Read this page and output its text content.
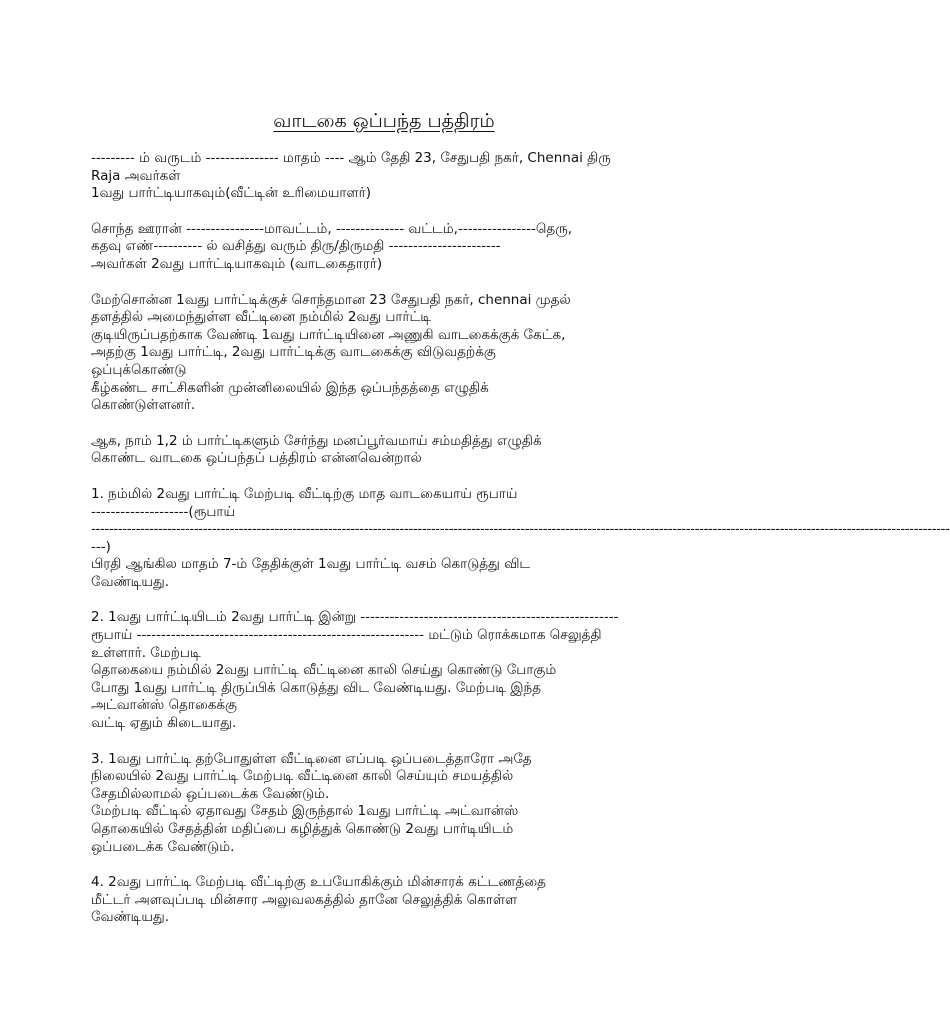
வாடகை ஒப்பந்த பத்திரம்
--------- ம் வருடம் --------------- மாதம் ---- ஆம் தேதி 23, சேதுபதி நகர், Chennai திரு
Raja அவர்கள்
1வது பார்ட்டியாகவும்(வீட்டின் உரிமையாளர்)
சொந்த ஊரான் ----------------மாவட்டம், -------------- வட்டம்,----------------தெரு,
கதவு எண்---------- ல் வசித்து வரும் திரு/திருமதி -----------------------
அவர்கள் 2வது பார்ட்டியாகவும் (வாடகைதாரர்)
மேற்சொன்ன 1வது பார்ட்டிக்குச் சொந்தமான 23 சேதுபதி நகர், chennai முதல்
தளத்தில் அமைந்துள்ள வீட்டினை நம்மில் 2வது பார்ட்டி
குடியிருப்பதற்காக வேண்டி 1வது பார்ட்டியினை அணுகி வாடகைக்குக் கேட்க,
அதற்கு 1வது பார்ட்டி, 2வது பார்ட்டிக்கு வாடகைக்கு விடுவதற்க்கு
ஒப்புக்கொண்டு
கீழ்கண்ட சாட்சிகளின் முன்னிலையில் இந்த ஒப்பந்தத்தை எழுதிக்
கொண்டுள்ளனர்.
ஆக, நாம் 1,2 ம் பார்ட்டிகளும் சேர்ந்து மனப்பூர்வமாய் சம்மதித்து எழுதிக்
கொண்ட வாடகை ஒப்பந்தப் பத்திரம் என்னவென்றால்
1. நம்மில் 2வது பார்ட்டி மேற்படி வீட்டிற்கு மாத வாடகையாய் ரூபாய்
--------------------(ரூபாய்
------------------------------------------------------------------------------------------------------------------------------------------------------------------------------------------------
---)
பிரதி ஆங்கில மாதம் 7-ம் தேதிக்குள் 1வது பார்ட்டி வசம் கொடுத்து விட
வேண்டியது.
2. 1வது பார்ட்டியிடம் 2வது பார்ட்டி இன்று -----------------------------------------------------
ரூபாய் ----------------------------------------------------------- மட்டும் ரொக்கமாக செலுத்தி
உள்ளார். மேற்படி
தொகையை நம்மில் 2வது பார்ட்டி வீட்டினை காலி செய்து கொண்டு போகும்
போது 1வது பார்ட்டி திருப்பிக் கொடுத்து விட வேண்டியது. மேற்படி இந்த
அட்வான்ஸ் தொகைக்கு
வட்டி ஏதும் கிடையாது.
3. 1வது பார்ட்டி தற்போதுள்ள வீட்டினை எப்படி ஒப்படைத்தாரோ அதே
நிலையில் 2வது பார்ட்டி மேற்படி வீட்டினை காலி செய்யும் சமயத்தில்
சேதமில்லாமல் ஒப்படைக்க வேண்டும்.
மேற்படி வீட்டில் ஏதாவது சேதம் இருந்தால் 1வது பார்ட்டி அட்வான்ஸ்
தொகையில் சேதத்தின் மதிப்பை கழித்துக் கொண்டு 2வது பார்டியிடம்
ஒப்படைக்க வேண்டும்.
4. 2வது பார்ட்டி மேற்படி வீட்டிற்கு உபயோகிக்கும் மின்சாரக் கட்டணத்தை
மீட்டர் அளவுப்படி மின்சார அலுவலகத்தில் தானே செலுத்திக் கொள்ள
வேண்டியது.
